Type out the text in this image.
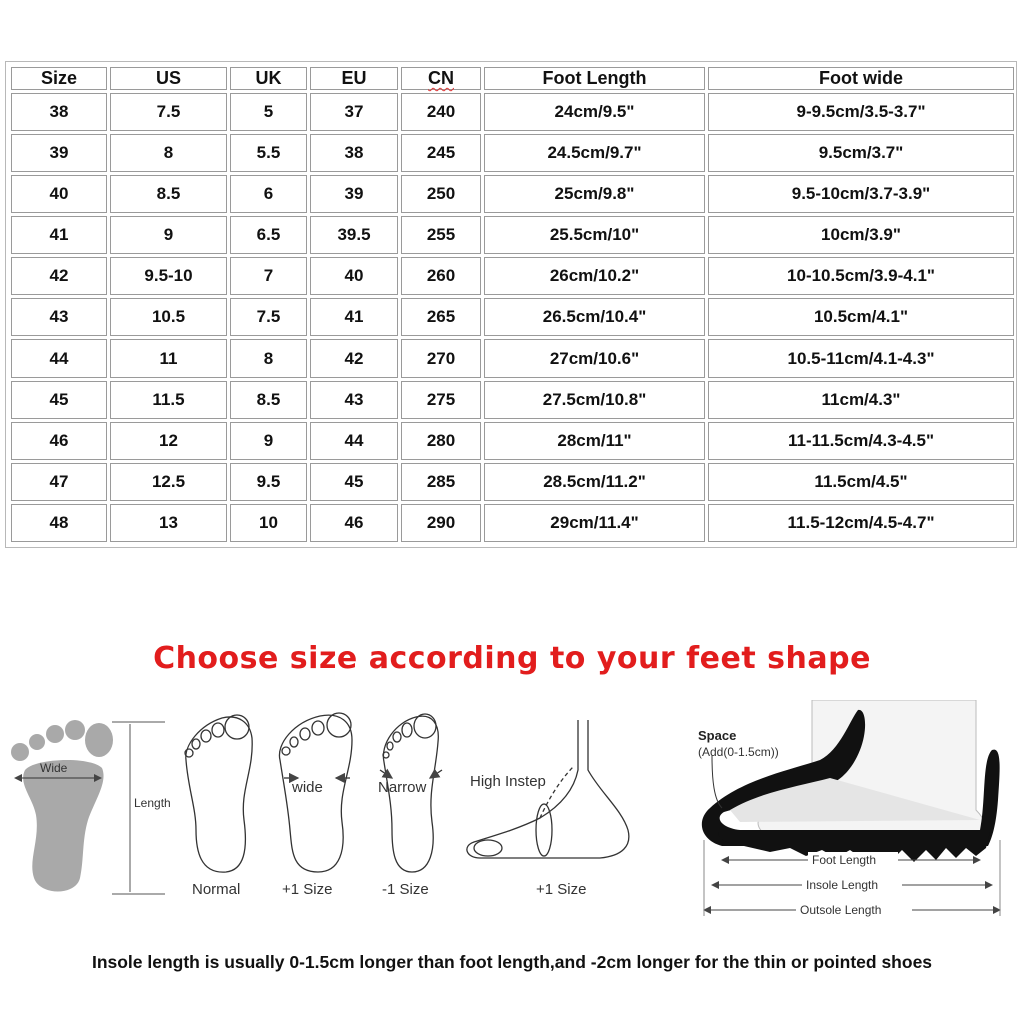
Size	US	UK	EU	CN	Foot Length	Foot wide
38	7.5	5	37	240	24cm/9.5"	9-9.5cm/3.5-3.7"
39	8	5.5	38	245	24.5cm/9.7"	9.5cm/3.7"
40	8.5	6	39	250	25cm/9.8"	9.5-10cm/3.7-3.9"
41	9	6.5	39.5	255	25.5cm/10"	10cm/3.9"
42	9.5-10	7	40	260	26cm/10.2"	10-10.5cm/3.9-4.1"
43	10.5	7.5	41	265	26.5cm/10.4"	10.5cm/4.1"
44	11	8	42	270	27cm/10.6"	10.5-11cm/4.1-4.3"
45	11.5	8.5	43	275	27.5cm/10.8"	11cm/4.3"
46	12	9	44	280	28cm/11"	11-11.5cm/4.3-4.5"
47	12.5	9.5	45	285	28.5cm/11.2"	11.5cm/4.5"
48	13	10	46	290	29cm/11.4"	11.5-12cm/4.5-4.7"
Choose size according to your feet shape
Wide
Length
Normal
wide
+1 Size
Narrow
-1 Size
High Instep
+1 Size
Space
(Add(0-1.5cm))
Foot Length
Insole Length
Outsole Length

Insole length is usually 0-1.5cm longer than foot length,and -2cm longer for the thin or pointed shoes
